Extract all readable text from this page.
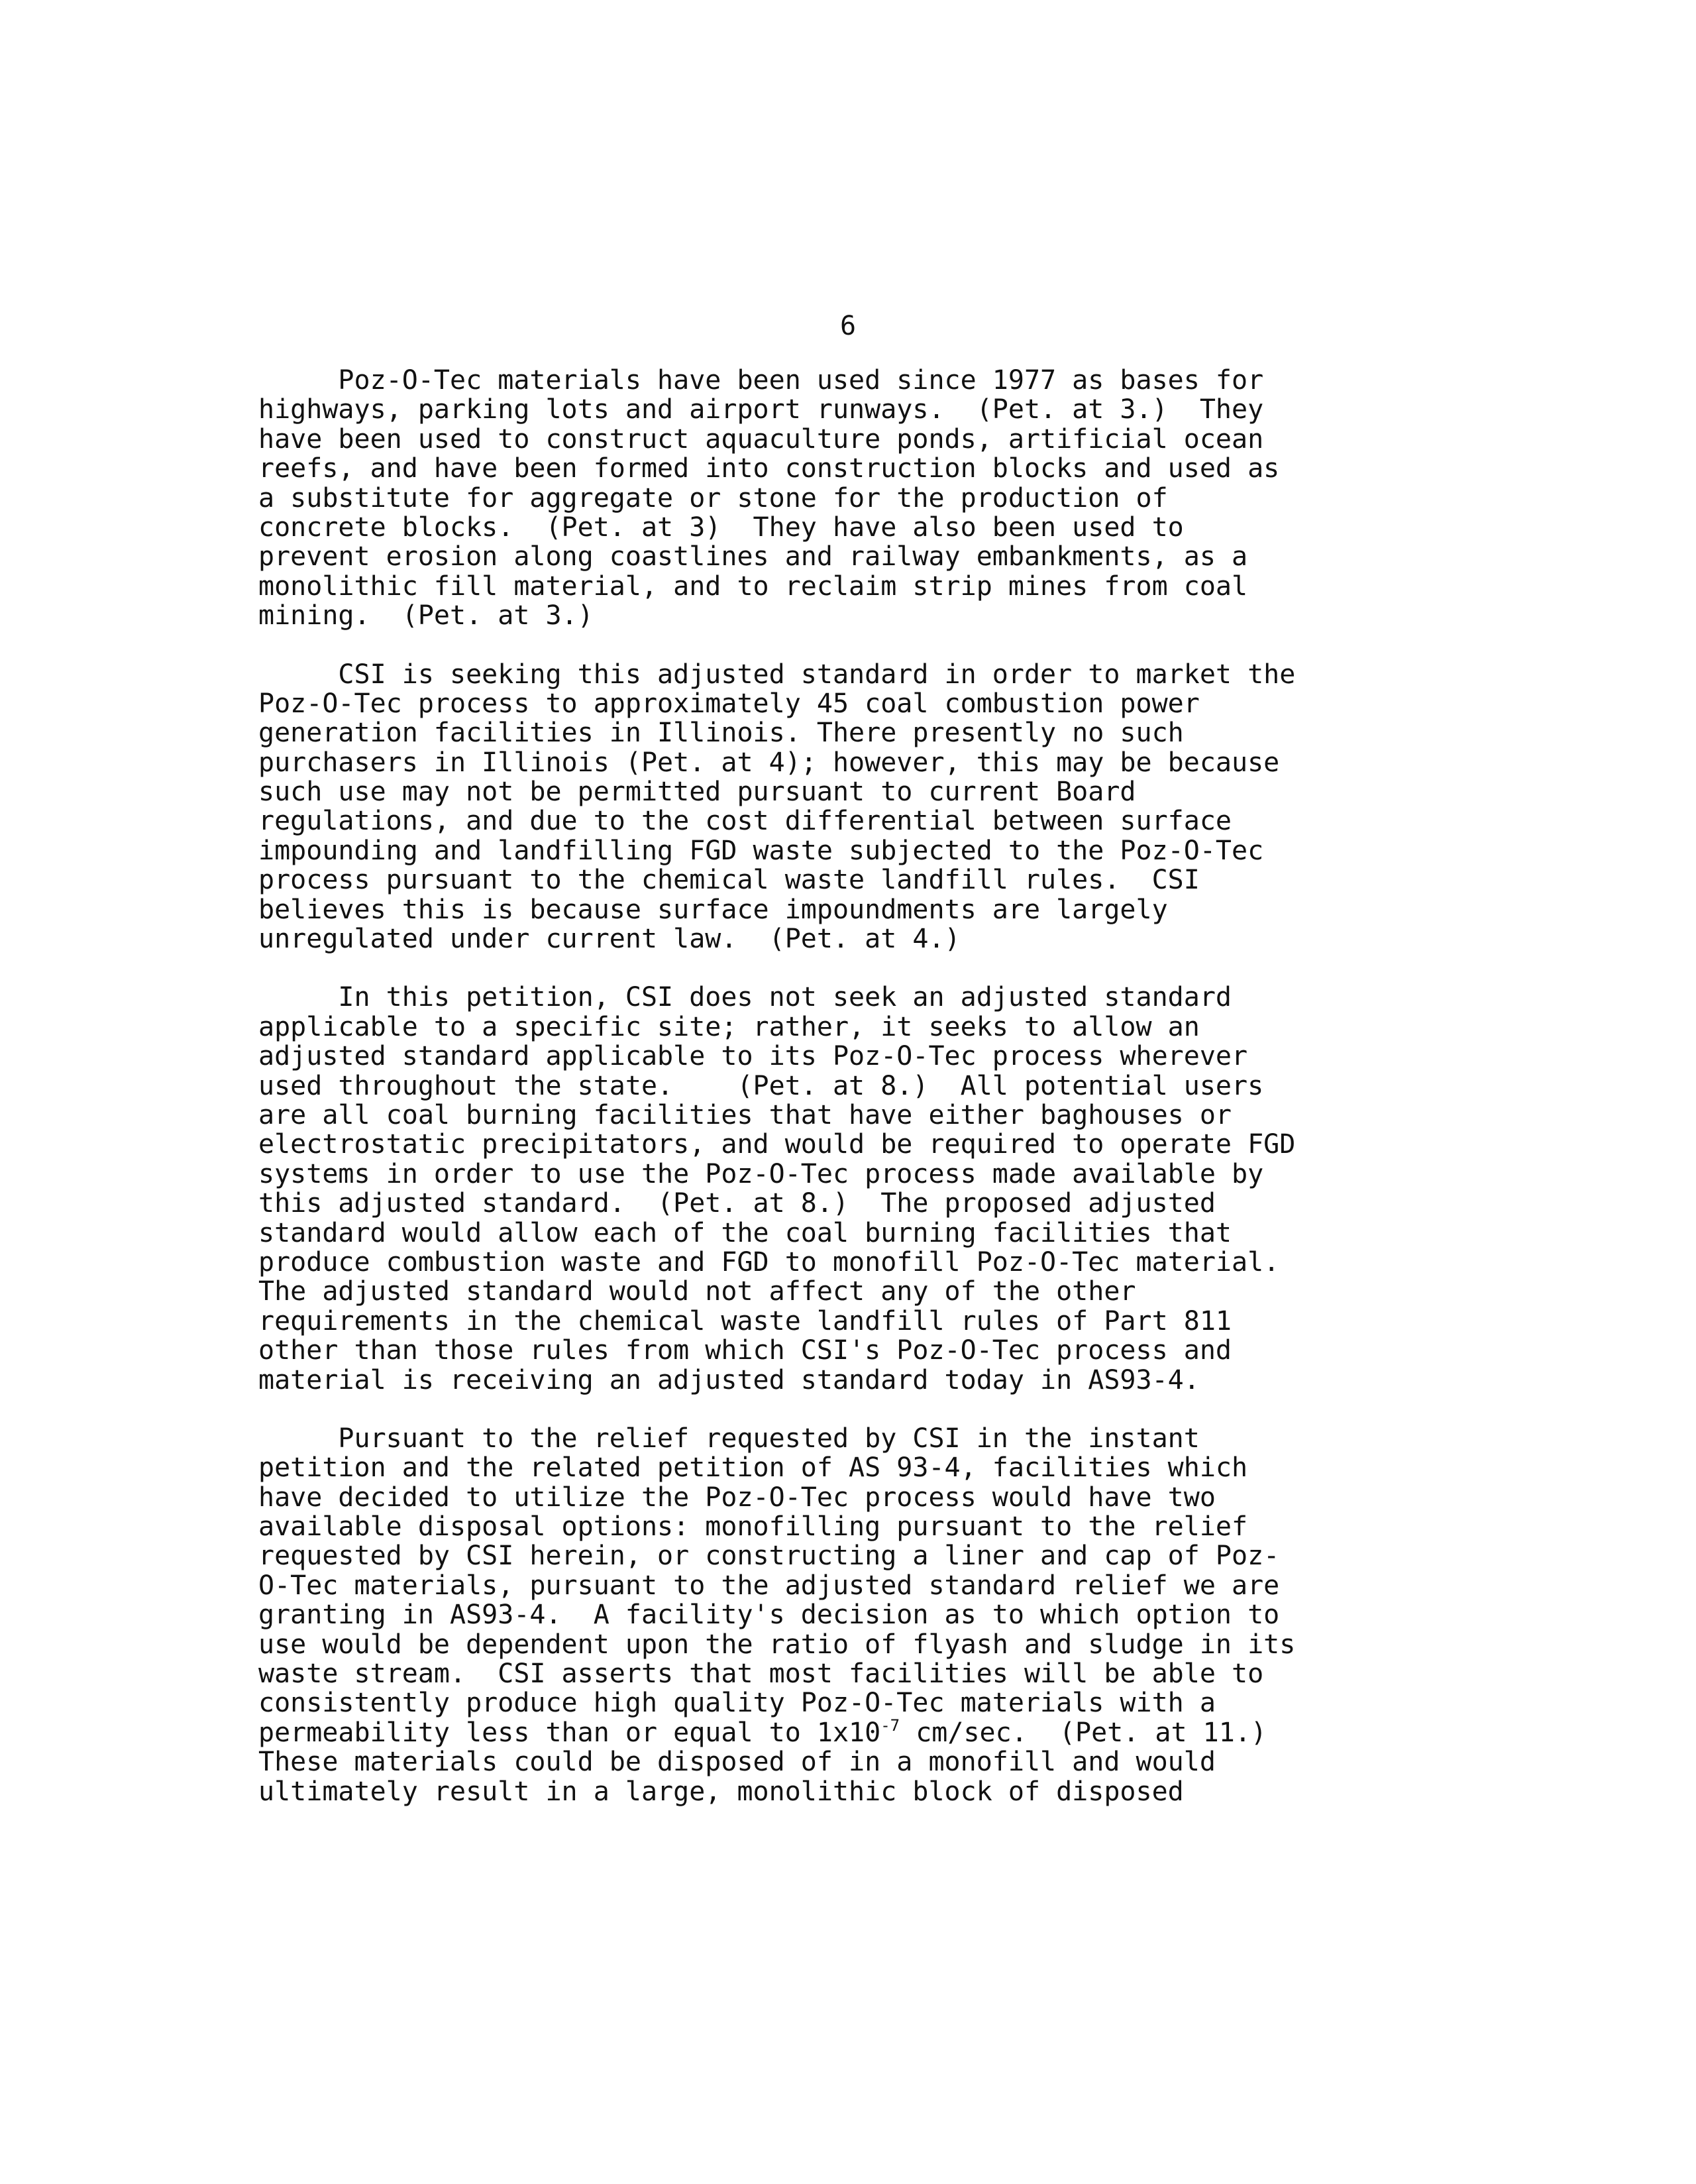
6
Poz-O-Tec materials have been used since 1977 as bases for
highways, parking lots and airport runways.  (Pet. at 3.)  They
have been used to construct aquaculture ponds, artificial ocean
reefs, and have been formed into construction blocks and used as
a substitute for aggregate or stone for the production of
concrete blocks.  (Pet. at 3)  They have also been used to
prevent erosion along coastlines and railway embankments, as a
monolithic fill material, and to reclaim strip mines from coal
mining.  (Pet. at 3.)
CSI is seeking this adjusted standard in order to market the
Poz-O-Tec process to approximately 45 coal combustion power
generation facilities in Illinois. There presently no such
purchasers in Illinois (Pet. at 4); however, this may be because
such use may not be permitted pursuant to current Board
regulations, and due to the cost differential between surface
impounding and landfilling FGD waste subjected to the Poz-O-Tec
process pursuant to the chemical waste landfill rules.  CSI
believes this is because surface impoundments are largely
unregulated under current law.  (Pet. at 4.)
In this petition, CSI does not seek an adjusted standard
applicable to a specific site; rather, it seeks to allow an
adjusted standard applicable to its Poz-O-Tec process wherever
used throughout the state.    (Pet. at 8.)  All potential users
are all coal burning facilities that have either baghouses or
electrostatic precipitators, and would be required to operate FGD
systems in order to use the Poz-O-Tec process made available by
this adjusted standard.  (Pet. at 8.)  The proposed adjusted
standard would allow each of the coal burning facilities that
produce combustion waste and FGD to monofill Poz-O-Tec material.
The adjusted standard would not affect any of the other
requirements in the chemical waste landfill rules of Part 811
other than those rules from which CSI's Poz-O-Tec process and
material is receiving an adjusted standard today in AS93-4.
Pursuant to the relief requested by CSI in the instant
petition and the related petition of AS 93-4, facilities which
have decided to utilize the Poz-O-Tec process would have two
available disposal options: monofilling pursuant to the relief
requested by CSI herein, or constructing a liner and cap of Poz-
O-Tec materials, pursuant to the adjusted standard relief we are
granting in AS93-4.  A facility's decision as to which option to
use would be dependent upon the ratio of flyash and sludge in its
waste stream.  CSI asserts that most facilities will be able to
consistently produce high quality Poz-O-Tec materials with a
permeability less than or equal to $1x10^{-7}$ cm/sec.  (Pet. at 11.)
These materials could be disposed of in a monofill and would
ultimately result in a large, monolithic block of disposed
